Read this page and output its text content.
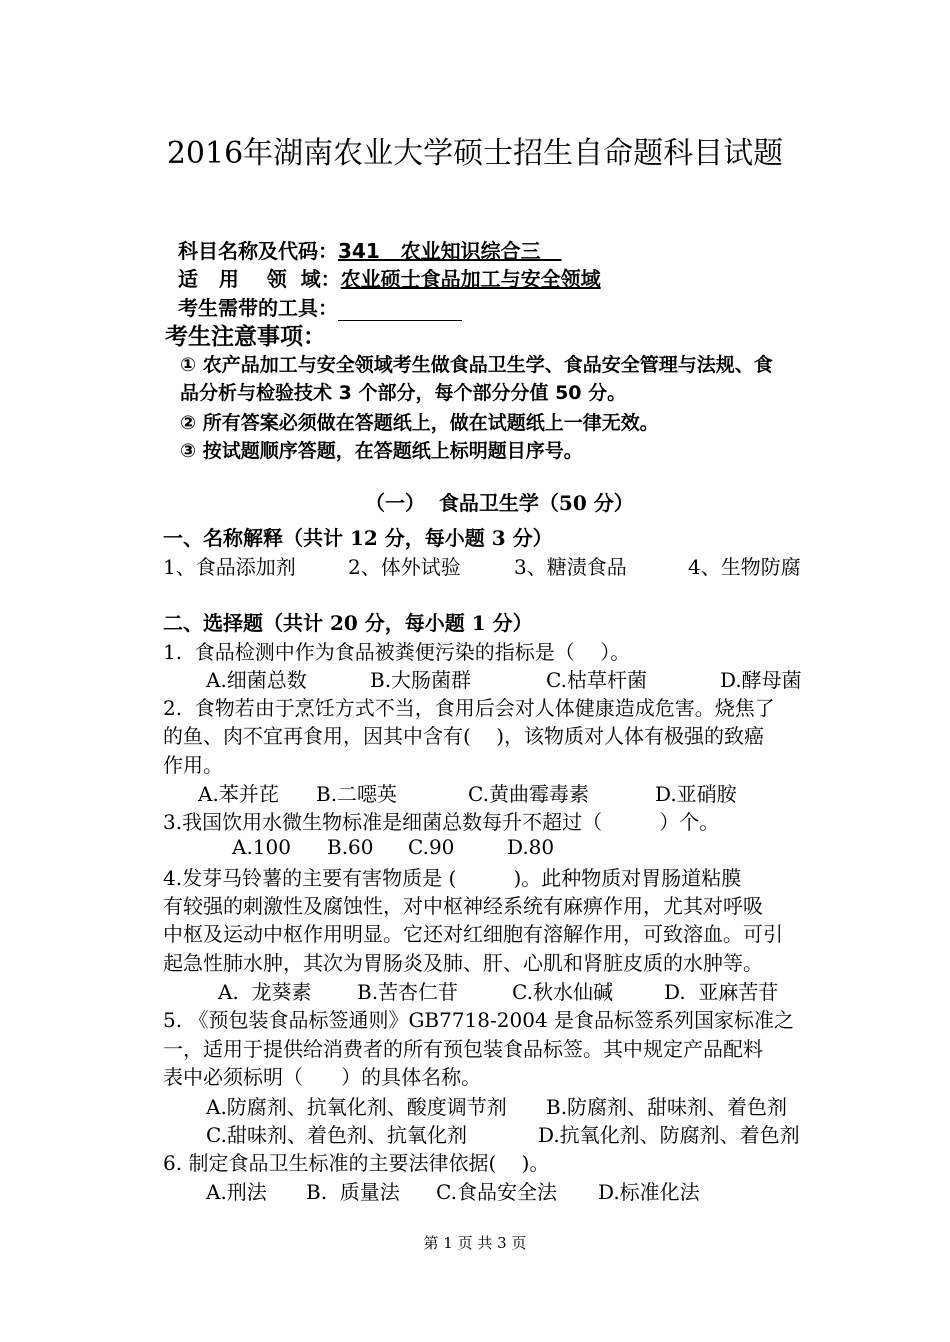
2016年湖南农业大学硕士招生自命题科目试题
科目名称及代码：341   农业知识综合三
适   用    领  域：农业硕士食品加工与安全领域
考生需带的工具：
考生注意事项：
① 农产品加工与安全领域考生做食品卫生学、食品安全管理与法规、食
品分析与检验技术 3 个部分，每个部分分值 50 分。
② 所有答案必须做在答题纸上，做在试题纸上一律无效。
③ 按试题顺序答题，在答题纸上标明题目序号。
（一）  食品卫生学（50 分）
一、名称解释（共计 12 分，每小题 3 分）
1、食品添加剂	2、体外试验	3、糖渍食品	4、生物防腐
二、选择题（共计 20 分，每小题 1 分）
1.  食品检测中作为食品被粪便污染的指标是（    ）。
A.细菌总数	B.大肠菌群	C.枯草杆菌	D.酵母菌
2.  食物若由于烹饪方式不当，食用后会对人体健康造成危害。烧焦了
的鱼、肉不宜再食用，因其中含有(    )，该物质对人体有极强的致癌
作用。
A.苯并芘 B.二噁英	C.黄曲霉毒素	D.亚硝胺
3.我国饮用水微生物标准是细菌总数每升不超过（         ）个。
A.100 B.60 C.90	D.80
4.发芽马铃薯的主要有害物质是 (         )。此种物质对胃肠道粘膜
有较强的刺激性及腐蚀性，对中枢神经系统有麻痹作用，尤其对呼吸
中枢及运动中枢作用明显。它还对红细胞有溶解作用，可致溶血。可引
起急性肺水肿，其次为胃肠炎及肺、肝、心肌和肾脏皮质的水肿等。
A.  龙葵素 B.苦杏仁苷	C.秋水仙碱	D.  亚麻苦苷
5. 《预包装食品标签通则》GB7718-2004 是食品标签系列国家标准之
一，适用于提供给消费者的所有预包装食品标签。其中规定产品配料
表中必须标明（      ）的具体名称。
A.防腐剂、抗氧化剂、酸度调节剂 B.防腐剂、甜味剂、着色剂
C.甜味剂、着色剂、抗氧化剂	D.抗氧化剂、防腐剂、着色剂
6. 制定食品卫生标准的主要法律依据(    )。
A.刑法 B.  质量法 C.食品安全法 D.标准化法
第 1 页 共 3 页
